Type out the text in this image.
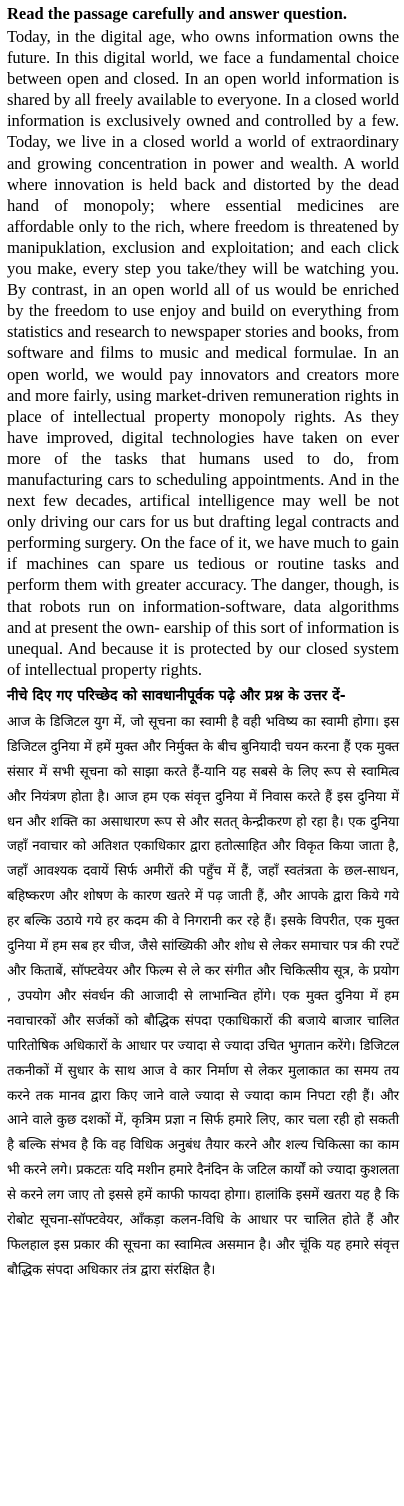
Read the passage carefully and answer question.

Today, in the digital age, who owns information owns the future. In this digital world, we face a fundamental choice between open and closed. In an open world information is shared by all freely available to everyone. In a closed world information is exclusively owned and controlled by a few. Today, we live in a closed world a world of extraordinary and growing concentration in power and wealth. A world where innovation is held back and distorted by the dead hand of monopoly; where essential medicines are affordable only to the rich, where freedom is threatened by manipuklation, exclusion and exploitation; and each click you make, every step you take/they will be watching you. By contrast, in an open world all of us would be enriched by the freedom to use enjoy and build on everything from statistics and research to newspaper stories and books, from software and films to music and medical formulae. In an open world, we would pay innovators and creators more and more fairly, using market-driven remuneration rights in place of intellectual property monopoly rights. As they have improved, digital technologies have taken on ever more of the tasks that humans used to do, from manufacturing cars to scheduling appointments. And in the next few decades, artifical intelligence may well be not only driving our cars for us but drafting legal contracts and performing surgery. On the face of it, we have much to gain if machines can spare us tedious or routine tasks and perform them with greater accuracy. The danger, though, is that robots run on information-software, data algorithms and at present the own- earship of this sort of information is unequal. And because it is protected by our closed system of intellectual property rights.

नीचे दिए गए परिच्छेद को सावधानीपूर्वक पढ़े और प्रश्न के उत्तर दें-

आज के डिजिटल युग में, जो सूचना का स्वामी है वही भविष्य का स्वामी होगा। इस डिजिटल दुनिया में हमें मुक्त और निर्मुक्त के बीच बुनियादी चयन करना हैं एक मुक्त संसार में सभी सूचना को साझा करते हैं-यानि यह सबसे के लिए रूप से स्वामित्व और नियंत्रण होता है। आज हम एक संवृत्त दुनिया में निवास करते हैं इस दुनिया में धन और शक्ति का असाधारण रूप से और सतत् केन्द्रीकरण हो रहा है। एक दुनिया जहाँ नवाचार को अतिशत एकाधिकार द्वारा हतोत्साहित और विकृत किया जाता है, जहाँ आवश्यक दवायें सिर्फ अमीरों की पहुँच में हैं, जहाँ स्वतंत्रता के छल-साधन, बहिष्करण और शोषण के कारण खतरे में पढ़ जाती हैं, और आपके द्वारा किये गये हर बल्कि उठाये गये हर कदम की वे निगरानी कर रहे हैं। इसके विपरीत, एक मुक्त दुनिया में हम सब हर चीज, जैसे सांख्यिकी और शोध से लेकर समाचार पत्र की रपटें और किताबें, सॉफ्टवेयर और फिल्म से ले कर संगीत और चिकित्सीय सूत्र, के प्रयोग , उपयोग और संवर्धन की आजादी से लाभान्वित होंगे। एक मुक्त दुनिया में हम नवाचारकों और सर्जकों को बौद्धिक संपदा एकाधिकारों की बजाये बाजार चालित पारितोषिक अधिकारों के आधार पर ज्यादा से ज्यादा उचित भुगतान करेंगे। डिजिटल तकनीकों में सुधार के साथ आज वे कार निर्माण से लेकर मुलाकात का समय तय करने तक मानव द्वारा किए जाने वाले ज्यादा से ज्यादा काम निपटा रही हैं। और आने वाले कुछ दशकों में, कृत्रिम प्रज्ञा न सिर्फ हमारे लिए, कार चला रही हो सकती है बल्कि संभव है कि वह विधिक अनुबंध तैयार करने और शल्य चिकित्सा का काम भी करने लगे। प्रकटतः यदि मशीन हमारे दैनंदिन के जटिल कार्यों को ज्यादा कुशलता से करने लग जाए तो इससे हमें काफी फायदा होगा। हालांकि इसमें खतरा यह है कि रोबोट सूचना-सॉफ्टवेयर, आँकड़ा कलन-विधि के आधार पर चालित होते हैं और फिलहाल इस प्रकार की सूचना का स्वामित्व असमान है। और चूंकि यह हमारे संवृत्त बौद्धिक संपदा अधिकार तंत्र द्वारा संरक्षित है।
